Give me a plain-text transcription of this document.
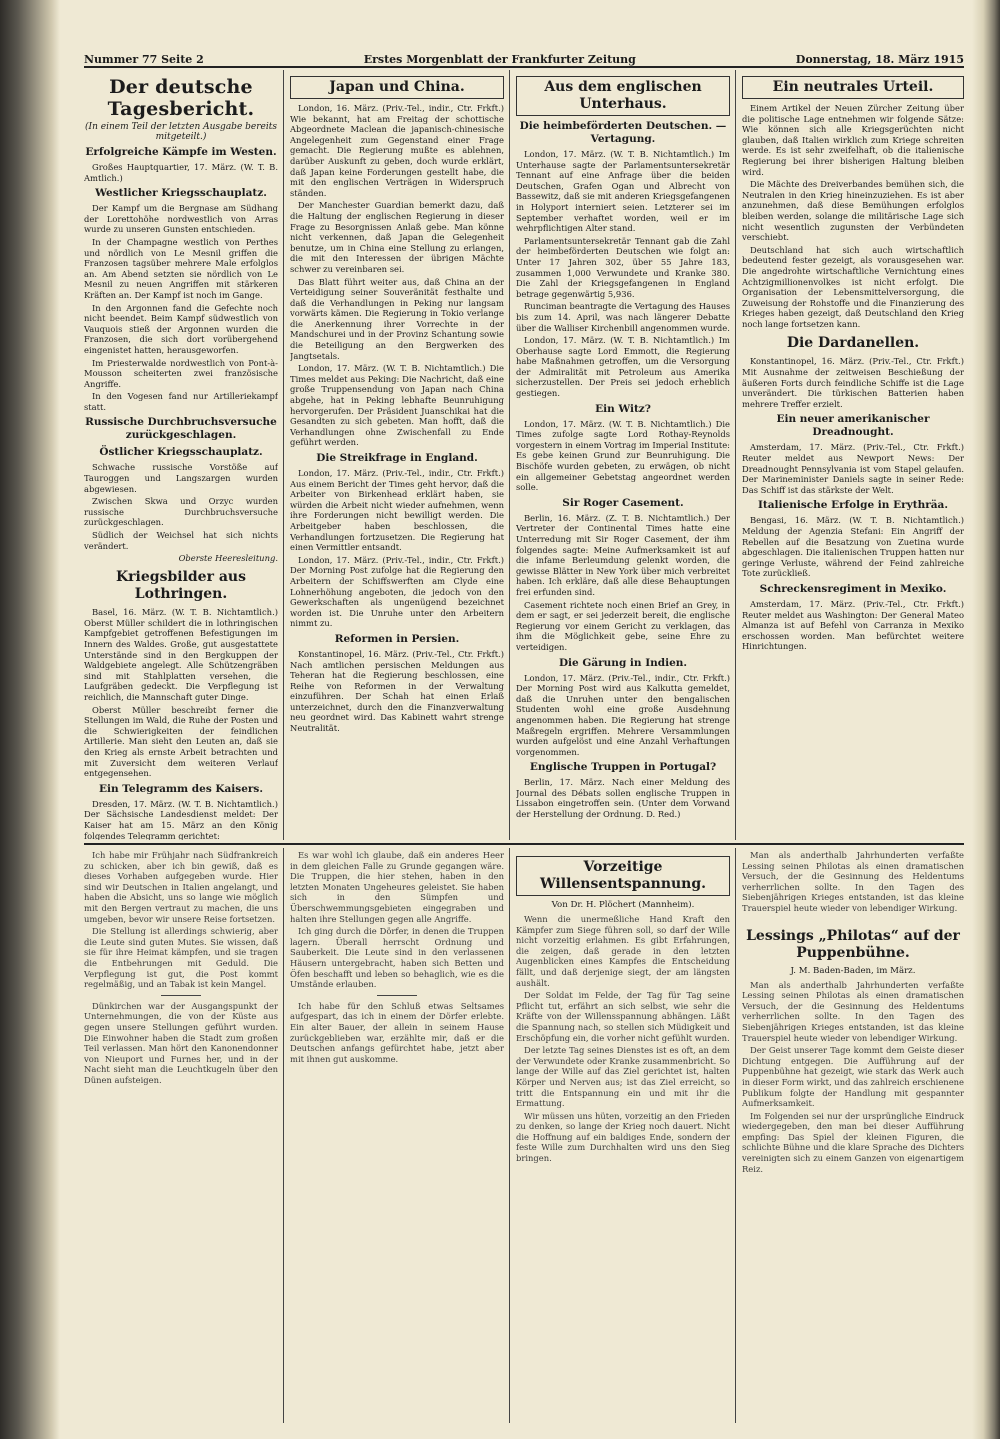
Nummer 77 Seite 2	Erstes Morgenblatt der Frankfurter Zeitung	Donnerstag, 18. März 1915
Der deutsche Tagesbericht.
(In einem Teil der letzten Ausgabe bereits mitgeteilt.)
Erfolgreiche Kämpfe im Westen.

Großes Hauptquartier, 17. März. (W. T. B. Amtlich.)

Westlicher Kriegsschauplatz.

Der Kampf um die Bergnase am Südhang der Lorettohöhe nordwestlich von Arras wurde zu unseren Gunsten entschieden.

In der Champagne westlich von Perthes und nördlich von Le Mesnil griffen die Franzosen tagsüber mehrere Male erfolglos an. Am Abend setzten sie nördlich von Le Mesnil zu neuen Angriffen mit stärkeren Kräften an. Der Kampf ist noch im Gange.

In den Argonnen fand die Gefechte noch nicht beendet. Beim Kampf südwestlich von Vauquois stieß der Argonnen wurden die Franzosen, die sich dort vorübergehend eingenistet hatten, herausgeworfen.

Im Priesterwalde nordwestlich von Pont-à-Mousson scheiterten zwei französische Angriffe.

In den Vogesen fand nur Artilleriekampf statt.

Russische Durchbruchsversuche zurückgeschlagen.
Östlicher Kriegsschauplatz.

Schwache russische Vorstöße auf Tauroggen und Langszargen wurden abgewiesen.

Zwischen Skwa und Orzyc wurden russische Durchbruchsversuche zurückgeschlagen.

Südlich der Weichsel hat sich nichts verändert.

Oberste Heeresleitung.
Kriegsbilder aus Lothringen.

Basel, 16. März. (W. T. B. Nichtamtlich.) Oberst Müller schildert die in lothringischen Kampfgebiet getroffenen Befestigungen im Innern des Waldes. Große, gut ausgestattete Unterstände sind in den Bergkuppen der Waldgebiete angelegt. Alle Schützengräben sind mit Stahlplatten versehen, die Laufgräben gedeckt. Die Verpflegung ist reichlich, die Mannschaft guter Dinge.

Oberst Müller beschreibt ferner die Stellungen im Wald, die Ruhe der Posten und die Schwierigkeiten der feindlichen Artillerie. Man sieht den Leuten an, daß sie den Krieg als ernste Arbeit betrachten und mit Zuversicht dem weiteren Verlauf entgegensehen.

Ein Telegramm des Kaisers.

Dresden, 17. März. (W. T. B. Nichtamtlich.) Der Sächsische Landesdienst meldet: Der Kaiser hat am 15. März an den König folgendes Telegramm gerichtet:

Japan und China.

London, 16. März. (Priv.-Tel., indir., Ctr. Frkft.) Wie bekannt, hat am Freitag der schottische Abgeordnete Maclean die japanisch-chinesische Angelegenheit zum Gegenstand einer Frage gemacht. Die Regierung mußte es ablehnen, darüber Auskunft zu geben, doch wurde erklärt, daß Japan keine Forderungen gestellt habe, die mit den englischen Verträgen in Widerspruch ständen.

Der Manchester Guardian bemerkt dazu, daß die Haltung der englischen Regierung in dieser Frage zu Besorgnissen Anlaß gebe. Man könne nicht verkennen, daß Japan die Gelegenheit benutze, um in China eine Stellung zu erlangen, die mit den Interessen der übrigen Mächte schwer zu vereinbaren sei.

Das Blatt führt weiter aus, daß China an der Verteidigung seiner Souveränität festhalte und daß die Verhandlungen in Peking nur langsam vorwärts kämen. Die Regierung in Tokio verlange die Anerkennung ihrer Vorrechte in der Mandschurei und in der Provinz Schantung sowie die Beteiligung an den Bergwerken des Jangtsetals.

London, 17. März. (W. T. B. Nichtamtlich.) Die Times meldet aus Peking: Die Nachricht, daß eine große Truppensendung von Japan nach China abgehe, hat in Peking lebhafte Beunruhigung hervorgerufen. Der Präsident Juanschikai hat die Gesandten zu sich gebeten. Man hofft, daß die Verhandlungen ohne Zwischenfall zu Ende geführt werden.

Die Streikfrage in England.

London, 17. März. (Priv.-Tel., indir., Ctr. Frkft.) Aus einem Bericht der Times geht hervor, daß die Arbeiter von Birkenhead erklärt haben, sie würden die Arbeit nicht wieder aufnehmen, wenn ihre Forderungen nicht bewilligt werden. Die Arbeitgeber haben beschlossen, die Verhandlungen fortzusetzen. Die Regierung hat einen Vermittler entsandt.

London, 17. März. (Priv.-Tel., indir., Ctr. Frkft.) Der Morning Post zufolge hat die Regierung den Arbeitern der Schiffswerften am Clyde eine Lohnerhöhung angeboten, die jedoch von den Gewerkschaften als ungenügend bezeichnet worden ist. Die Unruhe unter den Arbeitern nimmt zu.

Reformen in Persien.

Konstantinopel, 16. März. (Priv.-Tel., Ctr. Frkft.) Nach amtlichen persischen Meldungen aus Teheran hat die Regierung beschlossen, eine Reihe von Reformen in der Verwaltung einzuführen. Der Schah hat einen Erlaß unterzeichnet, durch den die Finanzverwaltung neu geordnet wird. Das Kabinett wahrt strenge Neutralität.

Aus dem englischen Unterhaus.
Die heimbeförderten Deutschen. — Vertagung.

London, 17. März. (W. T. B. Nichtamtlich.) Im Unterhause sagte der Parlamentsuntersekretär Tennant auf eine Anfrage über die beiden Deutschen, Grafen Ogan und Albrecht von Bassewitz, daß sie mit anderen Kriegsgefangenen in Holyport interniert seien. Letzterer sei im September verhaftet worden, weil er im wehrpflichtigen Alter stand.

Parlamentsuntersekretär Tennant gab die Zahl der heimbeförderten Deutschen wie folgt an: Unter 17 Jahren 302, über 55 Jahre 183, zusammen 1,000 Verwundete und Kranke 380. Die Zahl der Kriegsgefangenen in England betrage gegenwärtig 5,936.

Runciman beantragte die Vertagung des Hauses bis zum 14. April, was nach längerer Debatte über die Walliser Kirchenbill angenommen wurde.

London, 17. März. (W. T. B. Nichtamtlich.) Im Oberhause sagte Lord Emmott, die Regierung habe Maßnahmen getroffen, um die Versorgung der Admiralität mit Petroleum aus Amerika sicherzustellen. Der Preis sei jedoch erheblich gestiegen.

Ein Witz?

London, 17. März. (W. T. B. Nichtamtlich.) Die Times zufolge sagte Lord Rothay-Reynolds vorgestern in einem Vortrag im Imperial Institute: Es gebe keinen Grund zur Beunruhigung. Die Bischöfe wurden gebeten, zu erwägen, ob nicht ein allgemeiner Gebetstag angeordnet werden solle.

Sir Roger Casement.

Berlin, 16. März. (Z. T. B. Nichtamtlich.) Der Vertreter der Continental Times hatte eine Unterredung mit Sir Roger Casement, der ihm folgendes sagte: Meine Aufmerksamkeit ist auf die infame Berleumdung gelenkt worden, die gewisse Blätter in New York über mich verbreitet haben. Ich erkläre, daß alle diese Behauptungen frei erfunden sind.

Casement richtete noch einen Brief an Grey, in dem er sagt, er sei jederzeit bereit, die englische Regierung vor einem Gericht zu verklagen, das ihm die Möglichkeit gebe, seine Ehre zu verteidigen.

Die Gärung in Indien.

London, 17. März. (Priv.-Tel., indir., Ctr. Frkft.) Der Morning Post wird aus Kalkutta gemeldet, daß die Unruhen unter den bengalischen Studenten wohl eine große Ausdehnung angenommen haben. Die Regierung hat strenge Maßregeln ergriffen. Mehrere Versammlungen wurden aufgelöst und eine Anzahl Verhaftungen vorgenommen.

Englische Truppen in Portugal?

Berlin, 17. März. Nach einer Meldung des Journal des Débats sollen englische Truppen in Lissabon eingetroffen sein. (Unter dem Vorwand der Herstellung der Ordnung. D. Red.)

Ein neutrales Urteil.

Einem Artikel der Neuen Zürcher Zeitung über die politische Lage entnehmen wir folgende Sätze: Wie können sich alle Kriegsgerüchten nicht glauben, daß Italien wirklich zum Kriege schreiten werde. Es ist sehr zweifelhaft, ob die italienische Regierung bei ihrer bisherigen Haltung bleiben wird.

Die Mächte des Dreiverbandes bemühen sich, die Neutralen in den Krieg hineinzuziehen. Es ist aber anzunehmen, daß diese Bemühungen erfolglos bleiben werden, solange die militärische Lage sich nicht wesentlich zugunsten der Verbündeten verschiebt.

Deutschland hat sich auch wirtschaftlich bedeutend fester gezeigt, als vorausgesehen war. Die angedrohte wirtschaftliche Vernichtung eines Achtzigmillionenvolkes ist nicht erfolgt. Die Organisation der Lebensmittelversorgung, die Zuweisung der Rohstoffe und die Finanzierung des Krieges haben gezeigt, daß Deutschland den Krieg noch lange fortsetzen kann.

Die Dardanellen.

Konstantinopel, 16. März. (Priv.-Tel., Ctr. Frkft.) Mit Ausnahme der zeitweisen Beschießung der äußeren Forts durch feindliche Schiffe ist die Lage unverändert. Die türkischen Batterien haben mehrere Treffer erzielt.

Ein neuer amerikanischer Dreadnought.

Amsterdam, 17. März. (Priv.-Tel., Ctr. Frkft.) Reuter meldet aus Newport News: Der Dreadnought Pennsylvania ist vom Stapel gelaufen. Der Marineminister Daniels sagte in seiner Rede: Das Schiff ist das stärkste der Welt.

Italienische Erfolge in Erythräa.

Bengasi, 16. März. (W. T. B. Nichtamtlich.) Meldung der Agenzia Stefani: Ein Angriff der Rebellen auf die Besatzung von Zuetina wurde abgeschlagen. Die italienischen Truppen hatten nur geringe Verluste, während der Feind zahlreiche Tote zurückließ.

Schreckensregiment in Mexiko.

Amsterdam, 17. März. (Priv.-Tel., Ctr. Frkft.) Reuter meldet aus Washington: Der General Mateo Almanza ist auf Befehl von Carranza in Mexiko erschossen worden. Man befürchtet weitere Hinrichtungen.

Ich habe mir Frühjahr nach Südfrankreich zu schicken, aber ich bin gewiß, daß es dieses Vorhaben aufgegeben wurde. Hier sind wir Deutschen in Italien angelangt, und haben die Absicht, uns so lange wie möglich mit den Bergen vertraut zu machen, die uns umgeben, bevor wir unsere Reise fortsetzen.

Die Stellung ist allerdings schwierig, aber die Leute sind guten Mutes. Sie wissen, daß sie für ihre Heimat kämpfen, und sie tragen die Entbehrungen mit Geduld. Die Verpflegung ist gut, die Post kommt regelmäßig, und an Tabak ist kein Mangel.

Dünkirchen war der Ausgangspunkt der Unternehmungen, die von der Küste aus gegen unsere Stellungen geführt wurden. Die Einwohner haben die Stadt zum großen Teil verlassen. Man hört den Kanonendonner von Nieuport und Furnes her, und in der Nacht sieht man die Leuchtkugeln über den Dünen aufsteigen.

Es war wohl ich glaube, daß ein anderes Heer in dem gleichen Falle zu Grunde gegangen wäre. Die Truppen, die hier stehen, haben in den letzten Monaten Ungeheures geleistet. Sie haben sich in den Sümpfen und Überschwemmungsgebieten eingegraben und halten ihre Stellungen gegen alle Angriffe.

Ich ging durch die Dörfer, in denen die Truppen lagern. Überall herrscht Ordnung und Sauberkeit. Die Leute sind in den verlassenen Häusern untergebracht, haben sich Betten und Öfen beschafft und leben so behaglich, wie es die Umstände erlauben.

Ich habe für den Schluß etwas Seltsames aufgespart, das ich in einem der Dörfer erlebte. Ein alter Bauer, der allein in seinem Hause zurückgeblieben war, erzählte mir, daß er die Deutschen anfangs gefürchtet habe, jetzt aber mit ihnen gut auskomme.

Vorzeitige Willensentspannung.
Von Dr. H. Plöchert (Mannheim).

Wenn die unermeßliche Hand Kraft den Kämpfer zum Siege führen soll, so darf der Wille nicht vorzeitig erlahmen. Es gibt Erfahrungen, die zeigen, daß gerade in den letzten Augenblicken eines Kampfes die Entscheidung fällt, und daß derjenige siegt, der am längsten aushält.

Der Soldat im Felde, der Tag für Tag seine Pflicht tut, erfährt an sich selbst, wie sehr die Kräfte von der Willensspannung abhängen. Läßt die Spannung nach, so stellen sich Müdigkeit und Erschöpfung ein, die vorher nicht gefühlt wurden.

Der letzte Tag seines Dienstes ist es oft, an dem der Verwundete oder Kranke zusammenbricht. So lange der Wille auf das Ziel gerichtet ist, halten Körper und Nerven aus; ist das Ziel erreicht, so tritt die Entspannung ein und mit ihr die Ermattung.

Wir müssen uns hüten, vorzeitig an den Frieden zu denken, so lange der Krieg noch dauert. Nicht die Hoffnung auf ein baldiges Ende, sondern der feste Wille zum Durchhalten wird uns den Sieg bringen.

Man als anderthalb Jahrhunderten verfaßte Lessing seinen Philotas als einen dramatischen Versuch, der die Gesinnung des Heldentums verherrlichen sollte. In den Tagen des Siebenjährigen Krieges entstanden, ist das kleine Trauerspiel heute wieder von lebendiger Wirkung.

Lessings „Philotas“ auf der Puppenbühne.
J. M. Baden-Baden, im März.

Man als anderthalb Jahrhunderten verfaßte Lessing seinen Philotas als einen dramatischen Versuch, der die Gesinnung des Heldentums verherrlichen sollte. In den Tagen des Siebenjährigen Krieges entstanden, ist das kleine Trauerspiel heute wieder von lebendiger Wirkung.

Der Geist unserer Tage kommt dem Geiste dieser Dichtung entgegen. Die Aufführung auf der Puppenbühne hat gezeigt, wie stark das Werk auch in dieser Form wirkt, und das zahlreich erschienene Publikum folgte der Handlung mit gespannter Aufmerksamkeit.

Im Folgenden sei nur der ursprüngliche Eindruck wiedergegeben, den man bei dieser Aufführung empfing: Das Spiel der kleinen Figuren, die schlichte Bühne und die klare Sprache des Dichters vereinigten sich zu einem Ganzen von eigenartigem Reiz.
